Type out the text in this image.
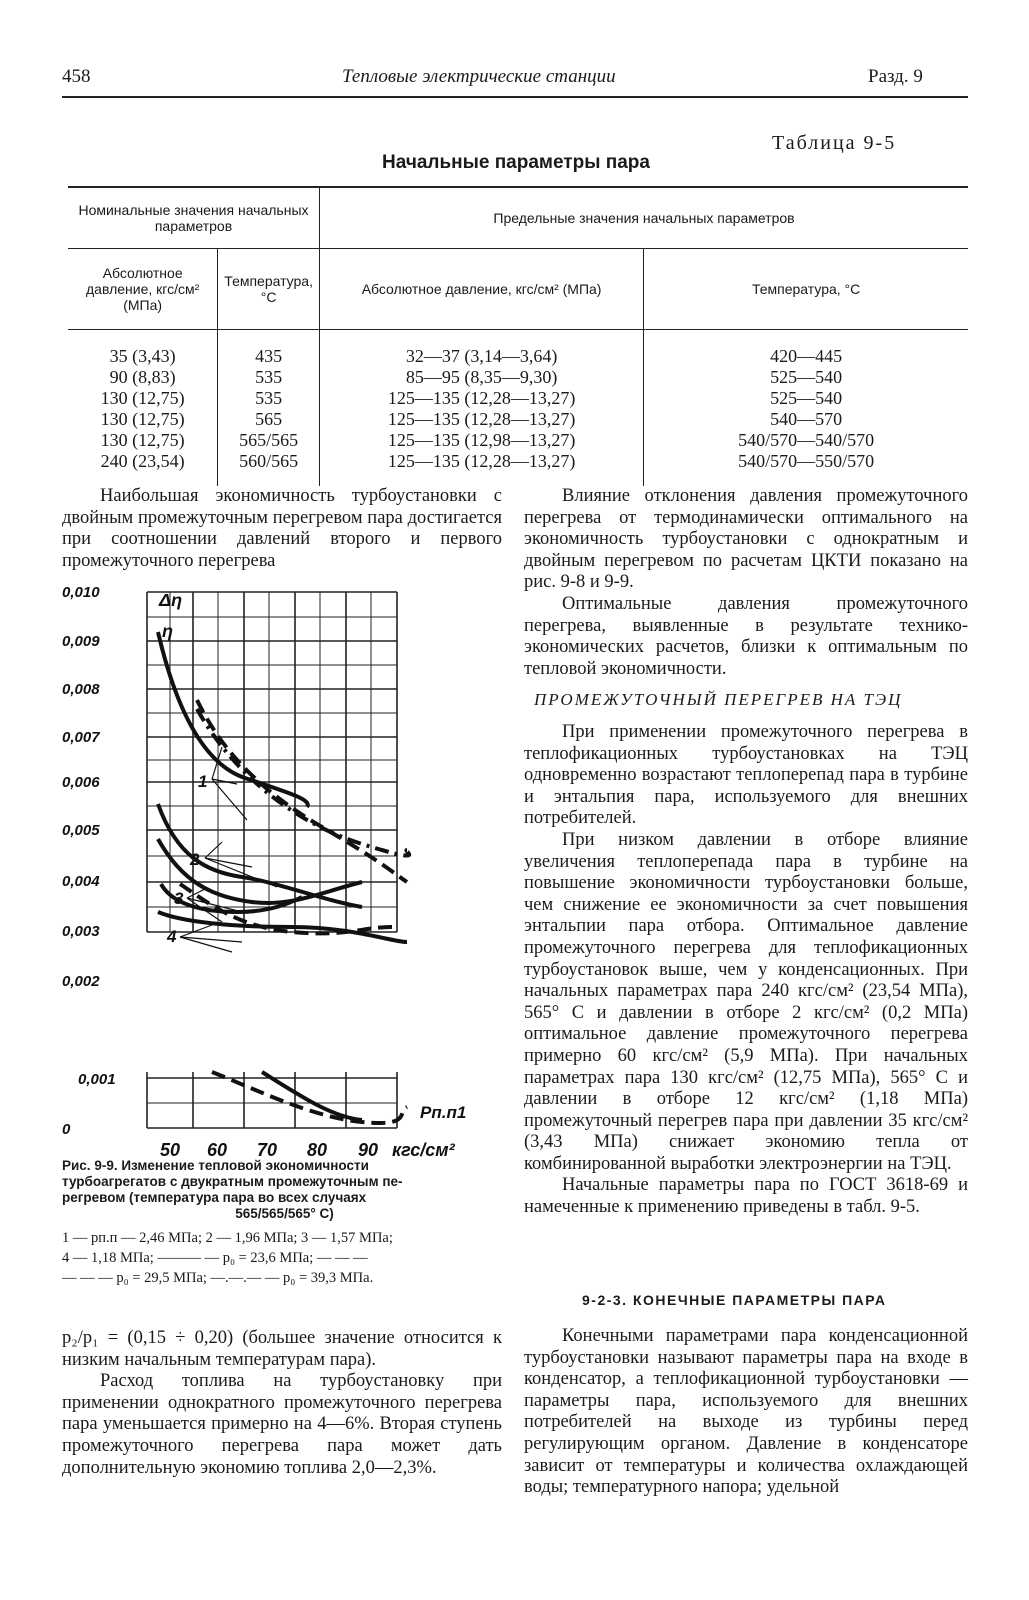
458	Тепловые электрические станции	Разд. 9
Таблица 9-5
Начальные параметры пара
Номинальные значения начальных параметров		Предельные значения начальных параметров	
Абсолютное давление, кгс/см² (МПа)	Температура, °С	Абсолютное давление, кгс/см² (МПа)	Температура, °С
35 (3,43)	435	32—37 (3,14—3,64)	420—445
90 (8,83)	535	85—95 (8,35—9,30)	525—540
130 (12,75)	535	125—135 (12,28—13,27)	525—540
130 (12,75)	565	125—135 (12,28—13,27)	540—570
130 (12,75)	565/565	125—135 (12,98—13,27)	540/570—540/570
240 (23,54)	560/565	125—135 (12,28—13,27)	540/570—550/570

Наибольшая экономичность турбоустановки с двойным промежуточным перегревом пара достигается при соотношении давлений второго и первого промежуточного перегрева

0,010
0,009
0,008
0,007
0,006
0,005
0,004
0,003
0,002
Δη
η
1
2
3
4
0
0,001
Pп.п1
50 60 70 80 90 кгс/см²
Рис. 9-9. Изменение тепловой экономичности
турбоагрегатов с двукратным промежуточным пе-
регревом (температура пара во всех случаях
565/565/565° С)
1 — pп.п — 2,46 МПа; 2 — 1,96 МПа; 3 — 1,57 МПа;
4 — 1,18 МПа; ——— — p₀ = 23,6 МПа; — — —
— — — p₀ = 29,5 МПа; —.—.— — p₀ = 39,3 МПа.

p₂/p₁ = (0,15 ÷ 0,20) (большее значение относится к низким начальным температурам пара).

Расход топлива на турбоустановку при применении однократного промежуточного перегрева пара уменьшается примерно на 4—6%. Вторая ступень промежуточного перегрева пара может дать дополнительную экономию топлива 2,0—2,3%.

Влияние отклонения давления промежуточного перегрева от термодинамически оптимального на экономичность турбоустановки с однократным и двойным перегревом по расчетам ЦКТИ показано на рис. 9-8 и 9-9.

Оптимальные давления промежуточного перегрева, выявленные в результате технико-экономических расчетов, близки к оптимальным по тепловой экономичности.

ПРОМЕЖУТОЧНЫЙ ПЕРЕГРЕВ НА ТЭЦ

При применении промежуточного перегрева в теплофикационных турбоустановках на ТЭЦ одновременно возрастают теплоперепад пара в турбине и энтальпия пара, используемого для внешних потребителей.

При низком давлении в отборе влияние увеличения теплоперепада пара в турбине на повышение экономичности турбоустановки больше, чем снижение ее экономичности за счет повышения энтальпии пара отбора. Оптимальное давление промежуточного перегрева для теплофикационных турбоустановок выше, чем у конденсационных. При начальных параметрах пара 240 кгс/см² (23,54 МПа), 565° С и давлении в отборе 2 кгс/см² (0,2 МПа) оптимальное давление промежуточного перегрева примерно 60 кгс/см² (5,9 МПа). При начальных параметрах пара 130 кгс/см² (12,75 МПа), 565° С и давлении в отборе 12 кгс/см² (1,18 МПа) промежуточный перегрев пара при давлении 35 кгс/см² (3,43 МПа) снижает экономию тепла от комбинированной выработки электроэнергии на ТЭЦ.

Начальные параметры пара по ГОСТ 3618-69 и намеченные к применению приведены в табл. 9-5.

9-2-3. КОНЕЧНЫЕ ПАРАМЕТРЫ ПАРА

Конечными параметрами пара конденсационной турбоустановки называют параметры пара на входе в конденсатор, а теплофикационной турбоустановки — параметры пара, используемого для внешних потребителей на выходе из турбины перед регулирующим органом. Давление в конденсаторе зависит от температуры и количества охлаждающей воды; температурного напора; удельной
